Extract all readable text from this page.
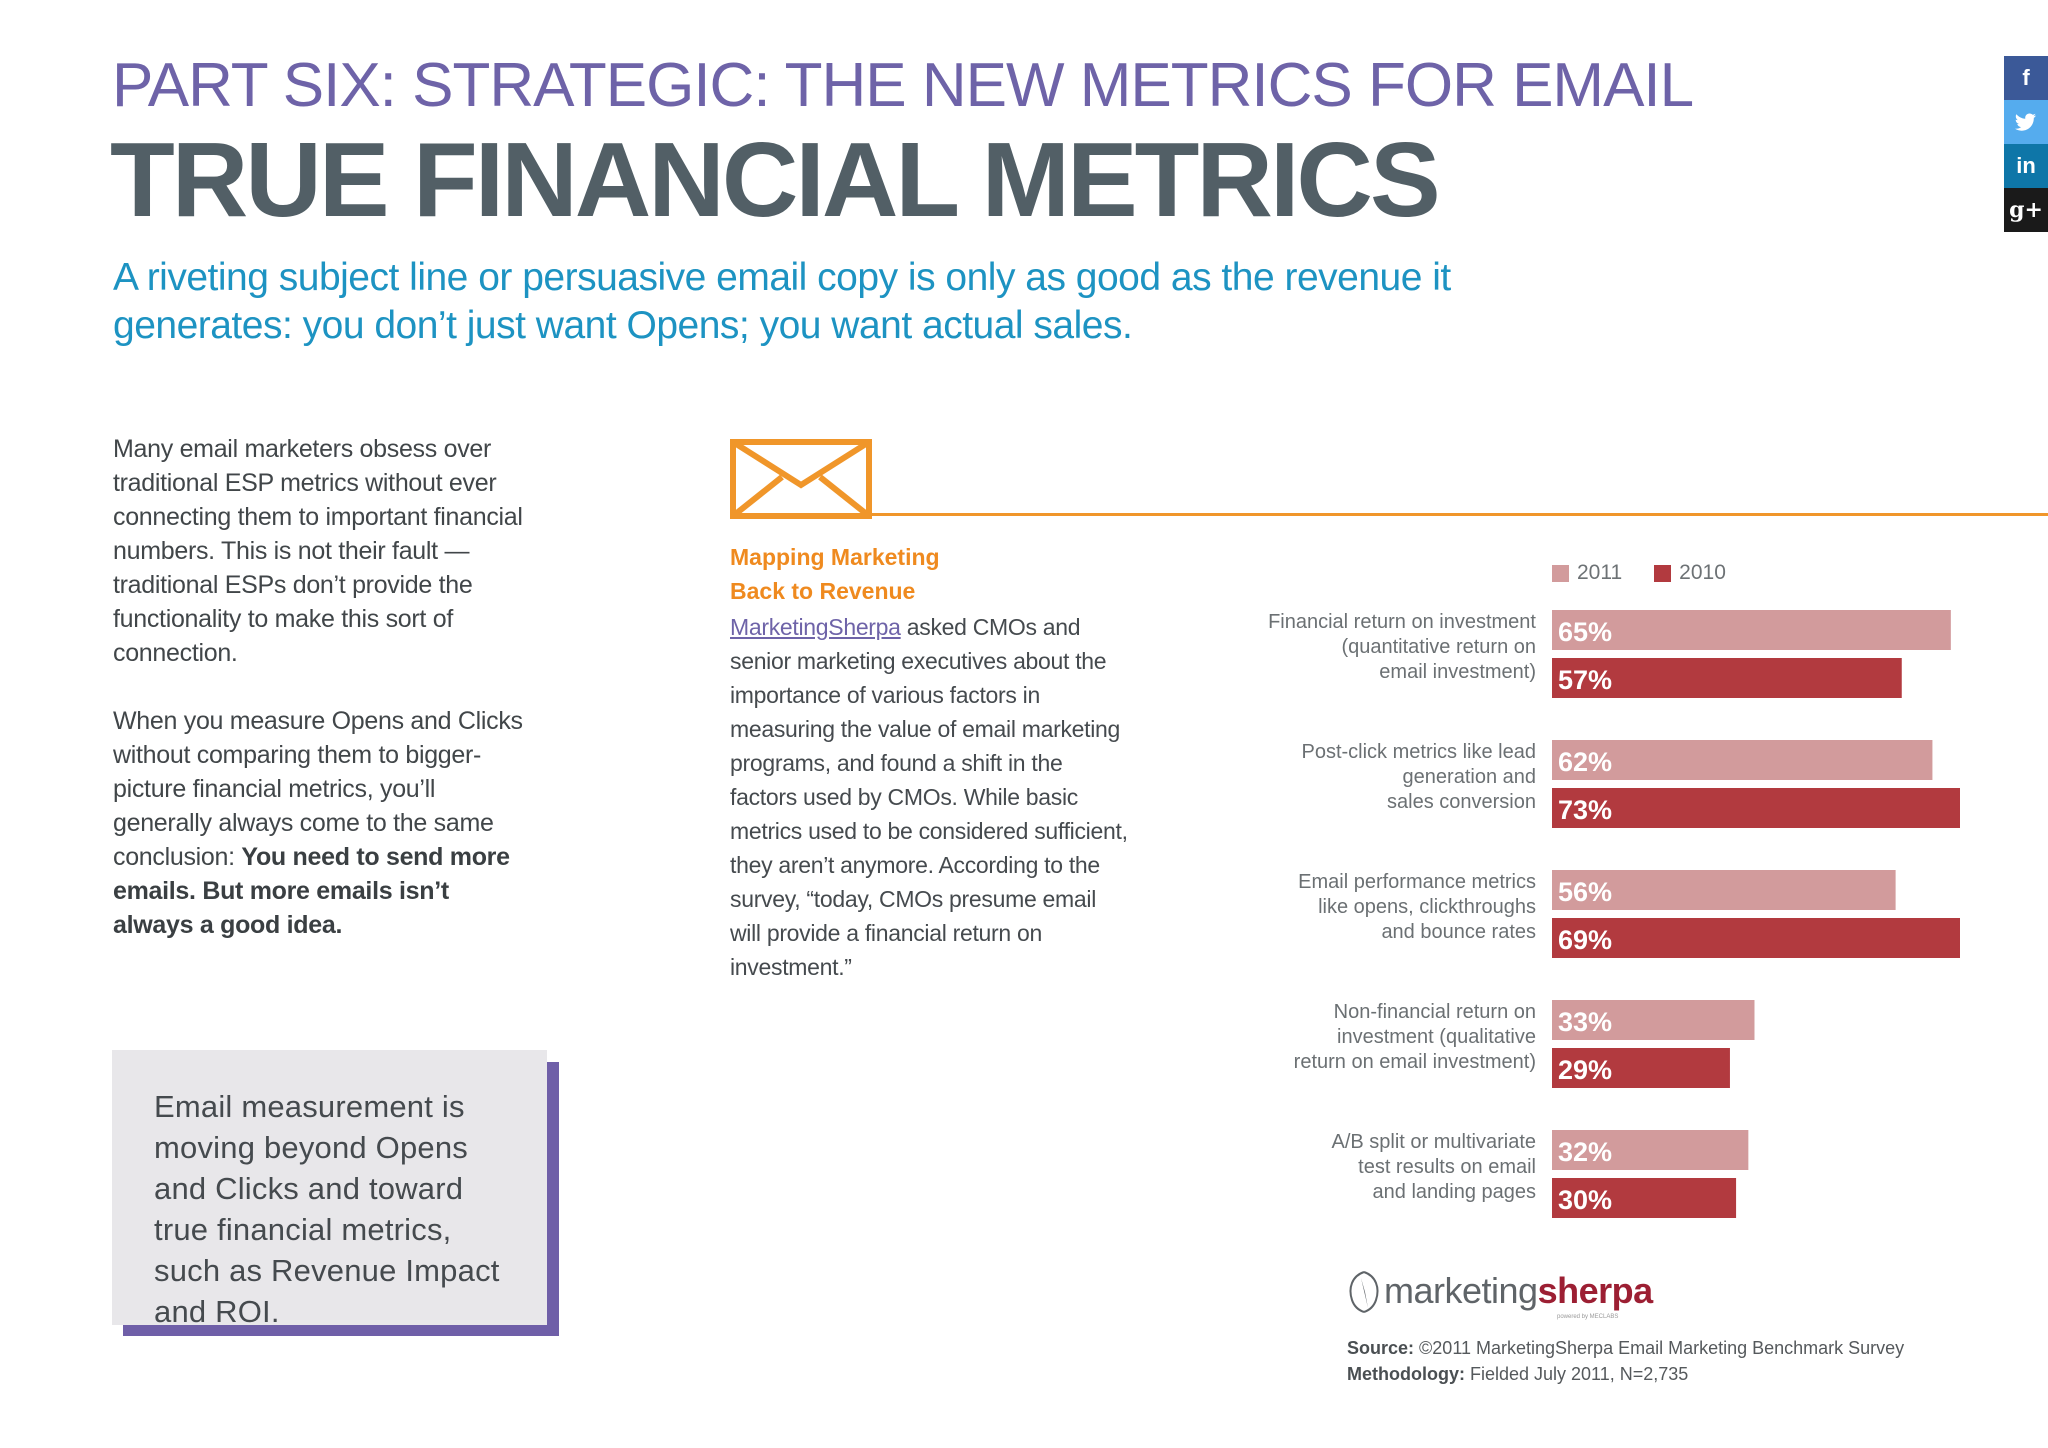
PART SIX: STRATEGIC: THE NEW METRICS FOR EMAIL
TRUE FINANCIAL METRICS
A riveting subject line or persuasive email copy is only as good as the revenue it generates: you don’t just want Opens; you want actual sales.

Many email marketers obsess over traditional ESP metrics without ever connecting them to important financial numbers. This is not their fault — traditional ESPs don’t provide the functionality to make this sort of connection.

When you measure Opens and Clicks without comparing them to bigger-picture financial metrics, you’ll generally always come to the same conclusion: You need to send more emails. But more emails isn’t always a good idea.

Email measurement is moving beyond Opens and Clicks and toward true financial metrics, such as Revenue Impact and ROI.

Mapping Marketing
Back to Revenue

MarketingSherpa asked CMOs and senior marketing executives about the importance of various factors in measuring the value of email marketing programs, and found a shift in the factors used by CMOs. While basic metrics used to be considered sufficient, they aren’t anymore. According to the survey, “today, CMOs presume email will provide a financial return on investment.”

2011	2010
Financial return on investment (quantitative return on email investment)
65%
57%
Post-click metrics like lead generation and sales conversion
62%
73%
Email performance metrics like opens, clickthroughs and bounce rates
56%
69%
Non-financial return on investment (qualitative return on email investment)
33%
29%
A/B split or multivariate test results on email and landing pages
32%
30%
marketing sherpa
powered by MECLABS
Source: ©2011 MarketingSherpa Email Marketing Benchmark Survey
Methodology: Fielded July 2011, N=2,735
f
in
g+
